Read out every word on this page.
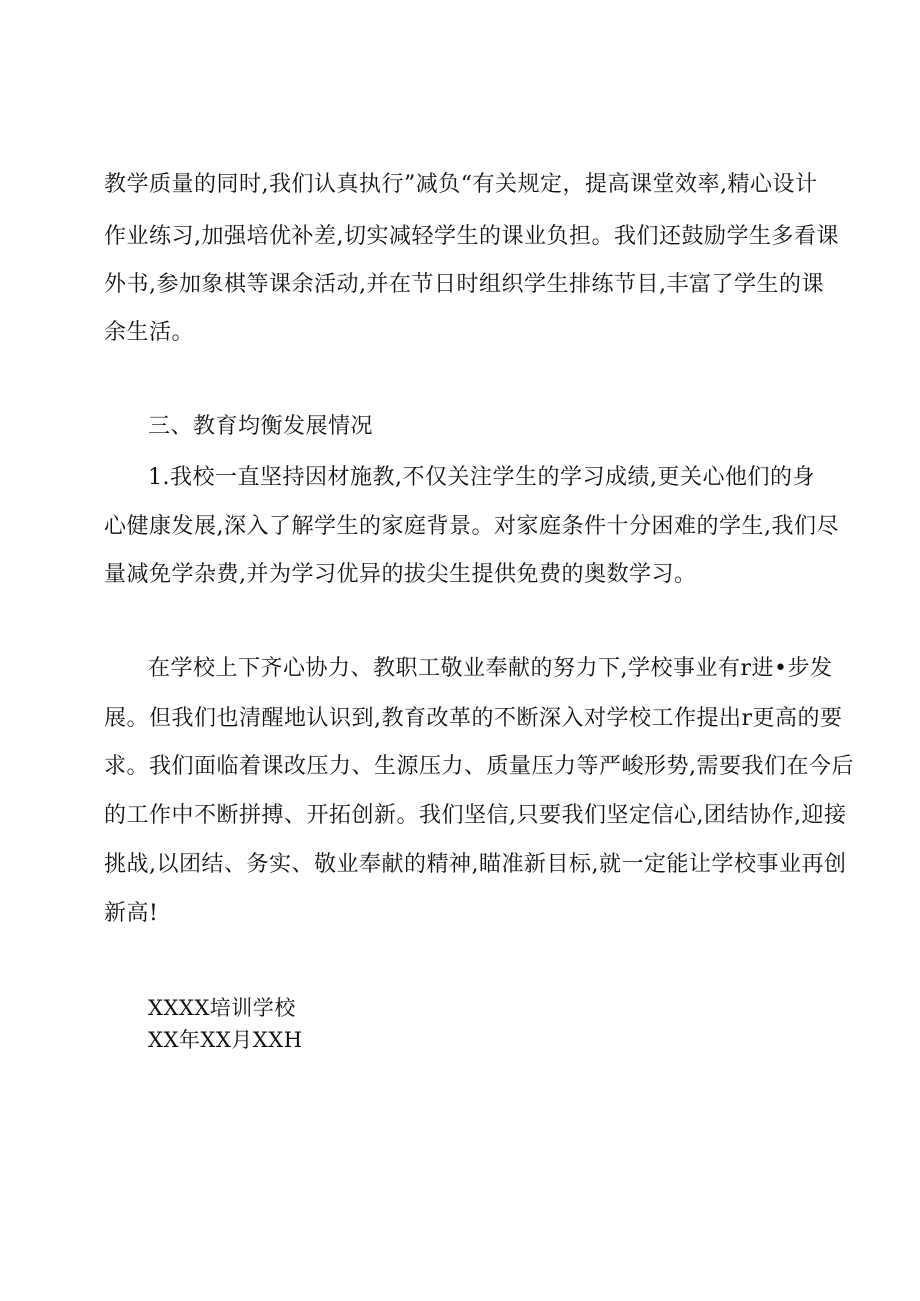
教学质量的同时,我们认真执行”减负“有关规定，提高课堂效率,精心设计
作业练习,加强培优补差,切实减轻学生的课业负担。我们还鼓励学生多看课
外书,参加象棋等课余活动,并在节日时组织学生排练节目,丰富了学生的课
余生活。
三、教育均衡发展情况
1.我校一直坚持因材施教,不仅关注学生的学习成绩,更关心他们的身
心健康发展,深入了解学生的家庭背景。对家庭条件十分困难的学生,我们尽
量减免学杂费,并为学习优异的拔尖生提供免费的奥数学习。
在学校上下齐心协力、教职工敬业奉献的努力下,学校事业有r进•步发
展。但我们也清醒地认识到,教育改革的不断深入对学校工作提出r更高的要
求。我们面临着课改压力、生源压力、质量压力等严峻形势,需要我们在今后
的工作中不断拼搏、开拓创新。我们坚信,只要我们坚定信心,团结协作,迎接
挑战,以团结、务实、敬业奉献的精神,瞄准新目标,就一定能让学校事业再创
新高!
XXXX培训学校
XX年XX月XXH
